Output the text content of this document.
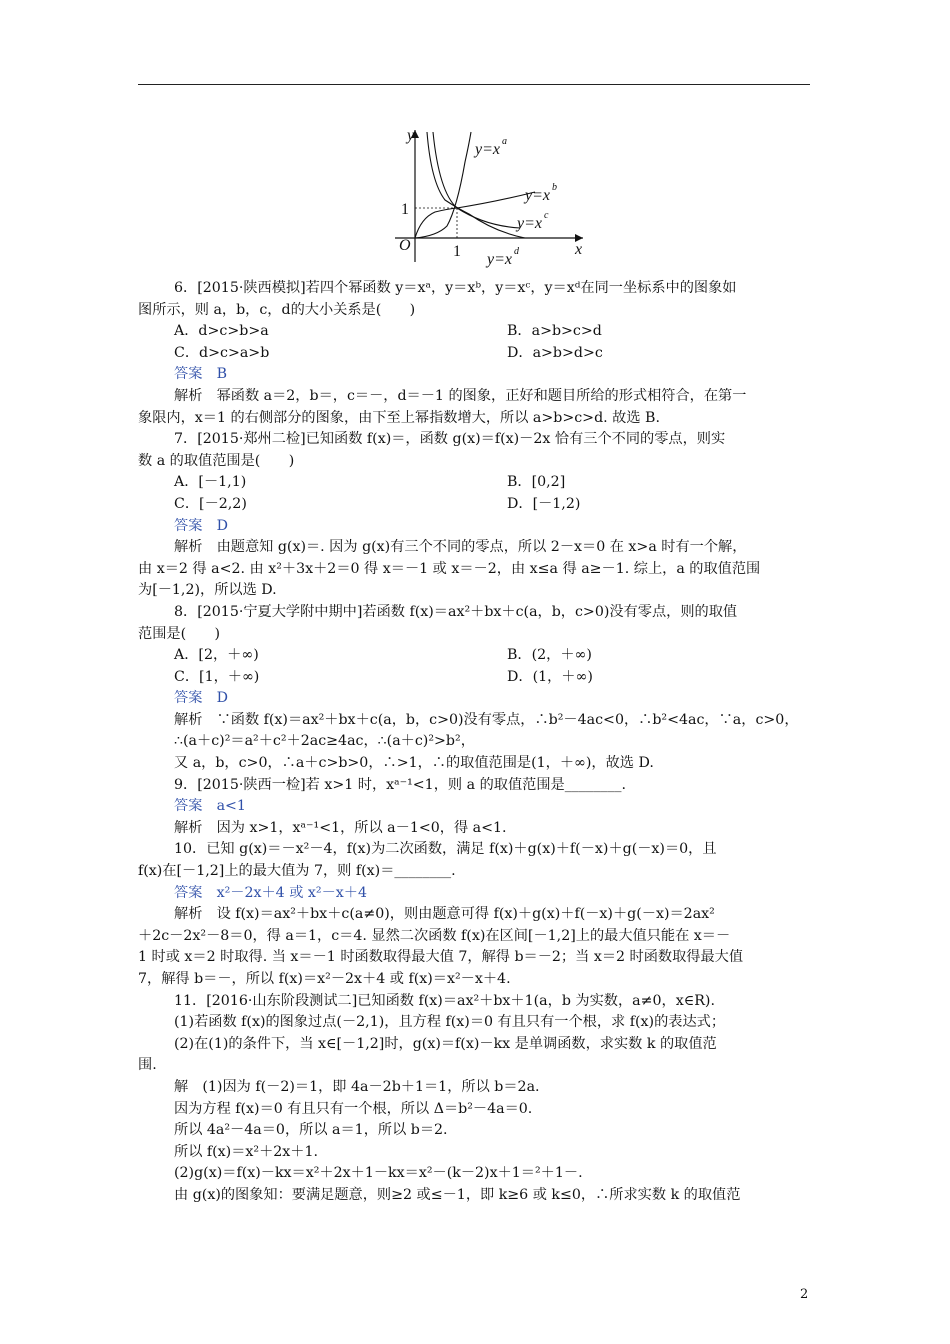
y
x
O	1
1
y=x a
y=x b
y=x c
y=x d

6．[2015·陕西模拟]若四个幂函数 y＝xᵃ，y＝xᵇ，y＝xᶜ，y＝xᵈ在同一坐标系中的图象如

图所示，则 a，b，c，d的大小关系是(　　)

A．d>c>b>a	B．a>b>c>d
C．d>c>a>b	D．a>b>d>c

答案　B

解析　幂函数 a＝2，b＝，c＝－，d＝－1 的图象，正好和题目所给的形式相符合，在第一

象限内，x＝1 的右侧部分的图象，由下至上幂指数增大，所以 a>b>c>d. 故选 B.

7．[2015·郑州二检]已知函数 f(x)＝，函数 g(x)＝f(x)－2x 恰有三个不同的零点，则实

数 a 的取值范围是(　　)

A．[－1,1)	B．[0,2]
C．[－2,2)	D．[－1,2)

答案　D

解析　由题意知 g(x)＝. 因为 g(x)有三个不同的零点，所以 2－x＝0 在 x>a 时有一个解，

由 x＝2 得 a<2. 由 x²＋3x＋2＝0 得 x＝－1 或 x＝－2，由 x≤a 得 a≥－1. 综上，a 的取值范围

为[－1,2)，所以选 D.

8．[2015·宁夏大学附中期中]若函数 f(x)＝ax²＋bx＋c(a，b，c>0)没有零点，则的取值

范围是(　　)

A．[2，＋∞)	B．(2，＋∞)
C．[1，＋∞)	D．(1，＋∞)

答案　D

解析　∵函数 f(x)＝ax²＋bx＋c(a，b，c>0)没有零点，∴b²－4ac<0，∴b²<4ac，∵a，c>0，

∴(a＋c)²＝a²＋c²＋2ac≥4ac，∴(a＋c)²>b²，

又 a，b，c>0，∴a＋c>b>0，∴>1，∴的取值范围是(1，＋∞)，故选 D.

9．[2015·陕西一检]若 x>1 时，xᵃ⁻¹<1，则 a 的取值范围是________.

答案　a<1

解析　因为 x>1，xᵃ⁻¹<1，所以 a－1<0，得 a<1.

10．已知 g(x)＝－x²－4，f(x)为二次函数，满足 f(x)＋g(x)＋f(－x)＋g(－x)＝0，且

f(x)在[－1,2]上的最大值为 7，则 f(x)＝________.

答案　x²－2x＋4 或 x²－x＋4

解析　设 f(x)＝ax²＋bx＋c(a≠0)，则由题意可得 f(x)＋g(x)＋f(－x)＋g(－x)＝2ax²

＋2c－2x²－8＝0，得 a＝1，c＝4. 显然二次函数 f(x)在区间[－1,2]上的最大值只能在 x＝－

1 时或 x＝2 时取得. 当 x＝－1 时函数取得最大值 7，解得 b＝－2；当 x＝2 时函数取得最大值

7，解得 b＝－，所以 f(x)＝x²－2x＋4 或 f(x)＝x²－x＋4.

11．[2016·山东阶段测试二]已知函数 f(x)＝ax²＋bx＋1(a，b 为实数，a≠0，x∈R).

(1)若函数 f(x)的图象过点(－2,1)，且方程 f(x)＝0 有且只有一个根，求 f(x)的表达式；

(2)在(1)的条件下，当 x∈[－1,2]时，g(x)＝f(x)－kx 是单调函数，求实数 k 的取值范

围.

解　(1)因为 f(－2)＝1，即 4a－2b＋1＝1，所以 b＝2a.

因为方程 f(x)＝0 有且只有一个根，所以 Δ＝b²－4a＝0.

所以 4a²－4a＝0，所以 a＝1，所以 b＝2.

所以 f(x)＝x²＋2x＋1.

(2)g(x)＝f(x)－kx＝x²＋2x＋1－kx＝x²－(k－2)x＋1＝²＋1－.

由 g(x)的图象知：要满足题意，则≥2 或≤－1，即 k≥6 或 k≤0，∴所求实数 k 的取值范

2
